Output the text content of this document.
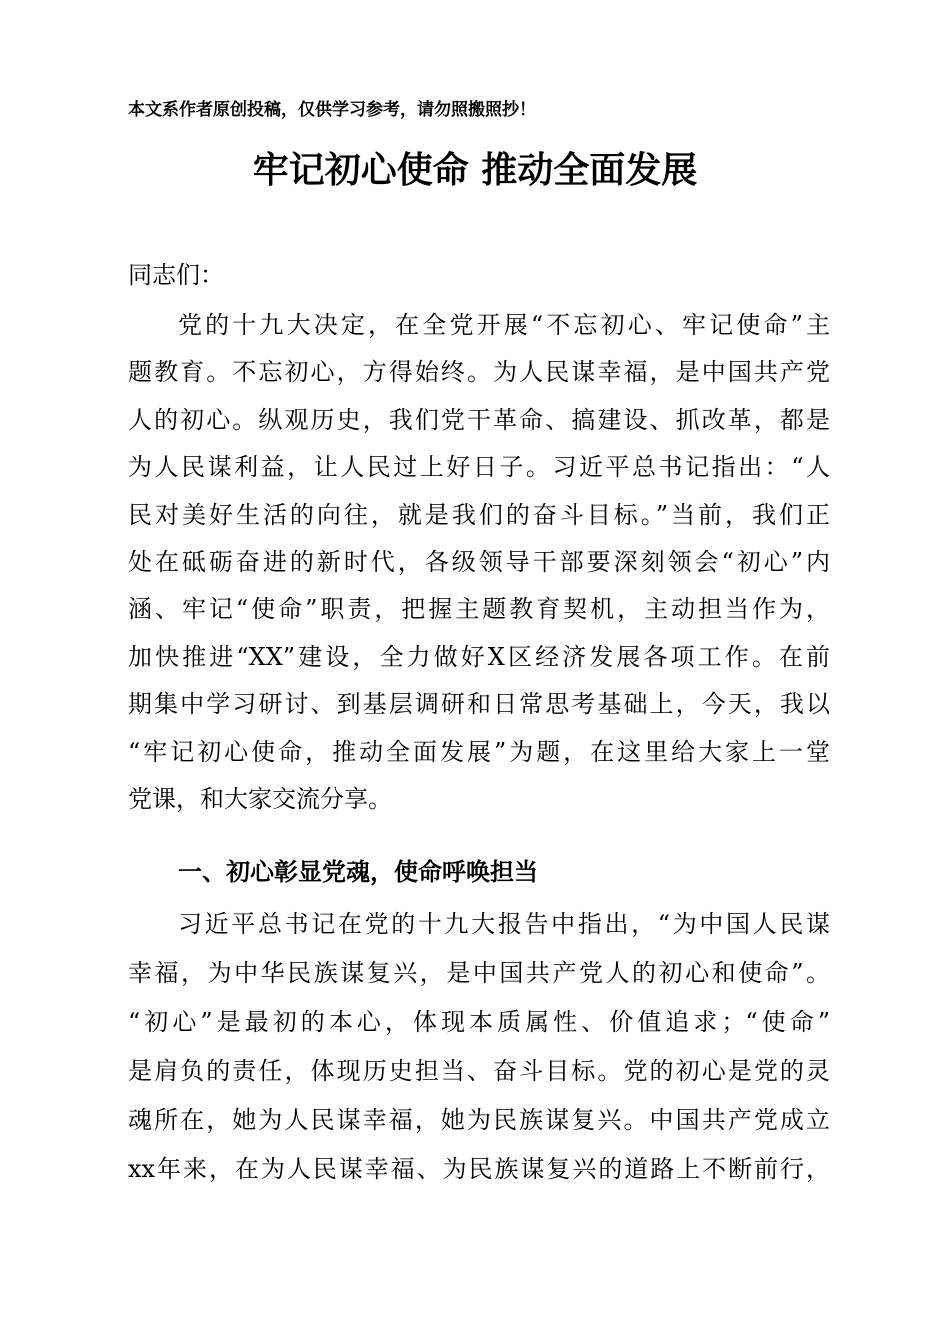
本文系作者原创投稿，仅供学习参考，请勿照搬照抄！
牢记初心使命 推动全面发展
同志们：
党的十九大决定，在全党开展“不忘初心、牢记使命”主
题教育。不忘初心，方得始终。为人民谋幸福，是中国共产党
人的初心。纵观历史，我们党干革命、搞建设、抓改革，都是
为人民谋利益，让人民过上好日子。习近平总书记指出：“人
民对美好生活的向往，就是我们的奋斗目标。”当前，我们正
处在砥砺奋进的新时代，各级领导干部要深刻领会“初心”内
涵、牢记“使命”职责，把握主题教育契机，主动担当作为，
加快推进“XX”建设，全力做好X区经济发展各项工作。在前
期集中学习研讨、到基层调研和日常思考基础上，今天，我以
“牢记初心使命，推动全面发展”为题，在这里给大家上一堂
党课，和大家交流分享。
一、初心彰显党魂，使命呼唤担当
习近平总书记在党的十九大报告中指出，“为中国人民谋
幸福，为中华民族谋复兴，是中国共产党人的初心和使命”。
“初心”是最初的本心，体现本质属性、价值追求；“使命”
是肩负的责任，体现历史担当、奋斗目标。党的初心是党的灵
魂所在，她为人民谋幸福，她为民族谋复兴。中国共产党成立
xx年来，在为人民谋幸福、为民族谋复兴的道路上不断前行，
